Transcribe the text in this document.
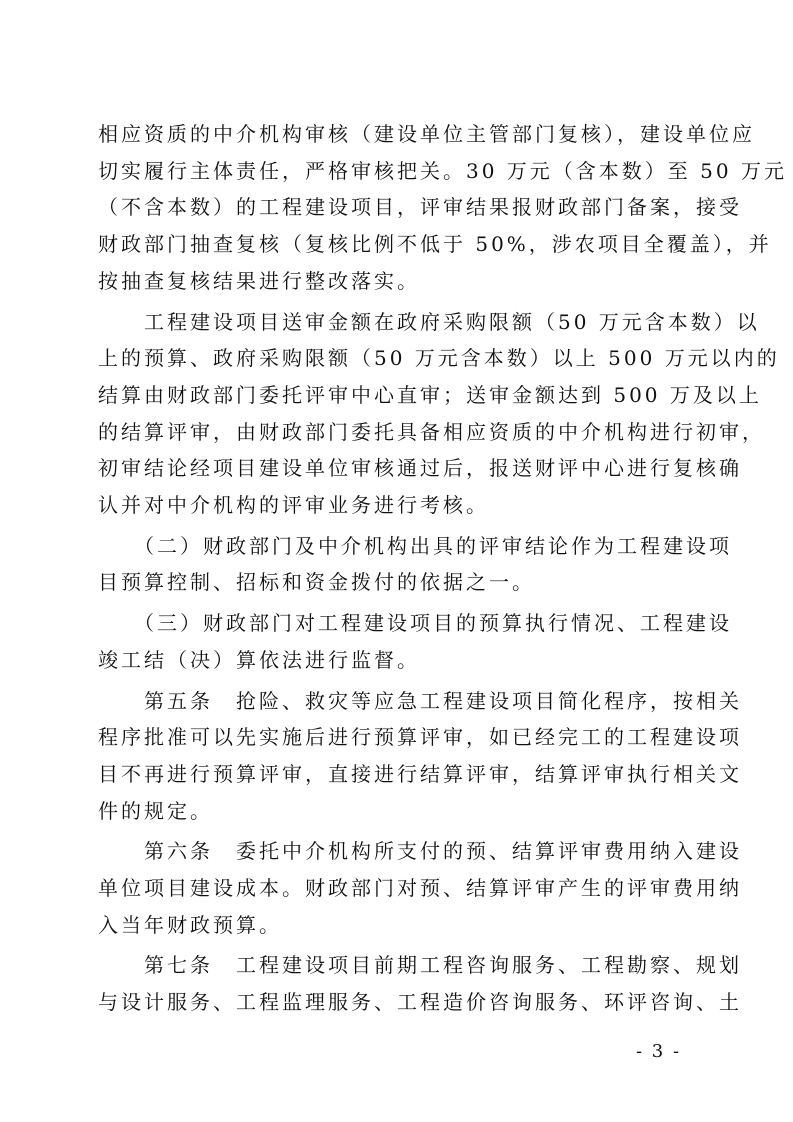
相应资质的中介机构审核（建设单位主管部门复核），建设单位应
切实履行主体责任，严格审核把关。30 万元（含本数）至 50 万元
（不含本数）的工程建设项目，评审结果报财政部门备案，接受
财政部门抽查复核（复核比例不低于 50%，涉农项目全覆盖），并
按抽查复核结果进行整改落实。

　　工程建设项目送审金额在政府采购限额（50 万元含本数）以
上的预算、政府采购限额（50 万元含本数）以上 500 万元以内的
结算由财政部门委托评审中心直审；送审金额达到 500 万及以上
的结算评审，由财政部门委托具备相应资质的中介机构进行初审，
初审结论经项目建设单位审核通过后，报送财评中心进行复核确
认并对中介机构的评审业务进行考核。

　　（二）财政部门及中介机构出具的评审结论作为工程建设项
目预算控制、招标和资金拨付的依据之一。

　　（三）财政部门对工程建设项目的预算执行情况、工程建设
竣工结（决）算依法进行监督。

　　第五条　抢险、救灾等应急工程建设项目简化程序，按相关
程序批准可以先实施后进行预算评审，如已经完工的工程建设项
目不再进行预算评审，直接进行结算评审，结算评审执行相关文
件的规定。

　　第六条　委托中介机构所支付的预、结算评审费用纳入建设
单位项目建设成本。财政部门对预、结算评审产生的评审费用纳
入当年财政预算。

　　第七条　工程建设项目前期工程咨询服务、工程勘察、规划
与设计服务、工程监理服务、工程造价咨询服务、环评咨询、土

- 3 -
